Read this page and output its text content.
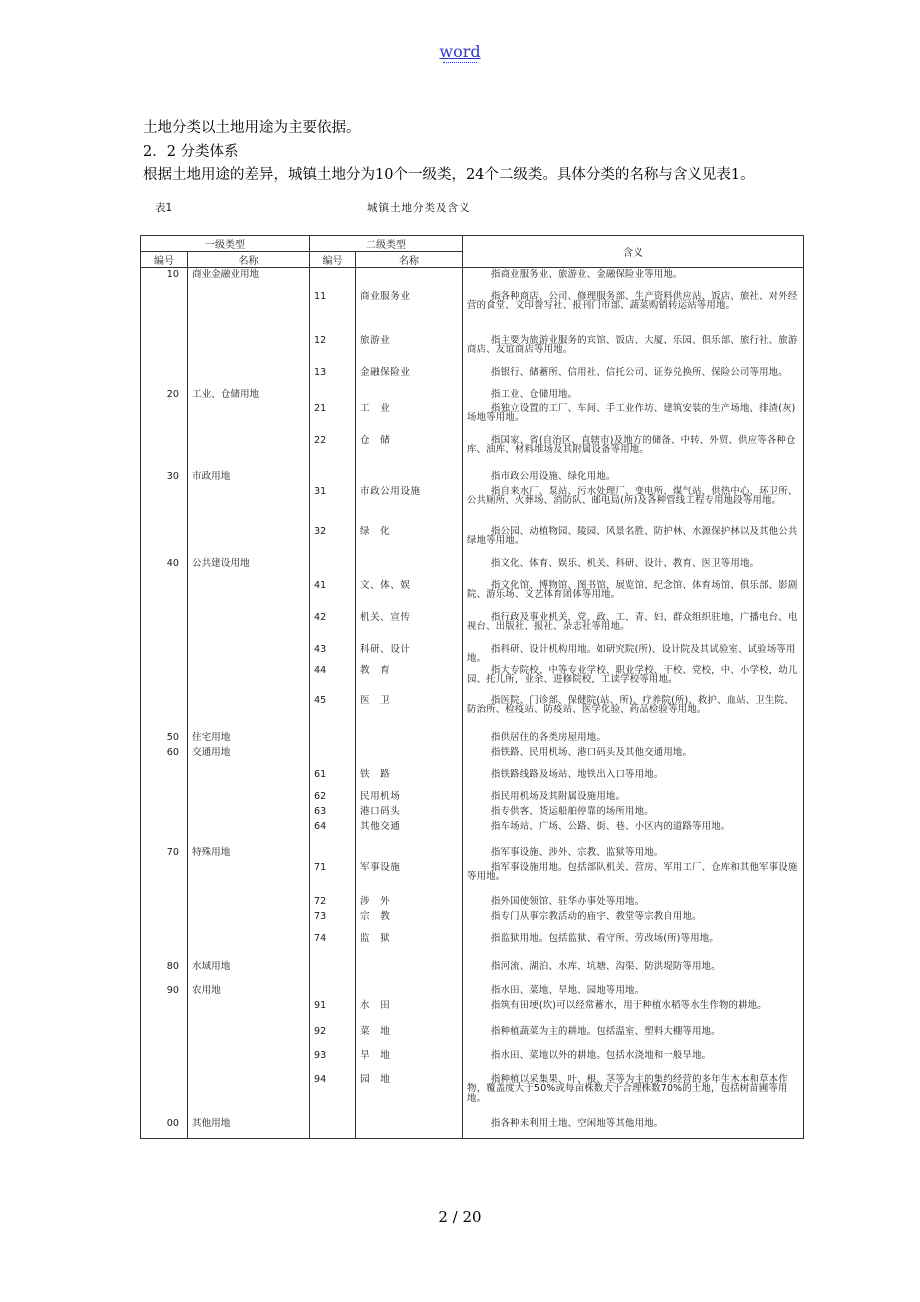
word
土地分类以土地用途为主要依据。
2．2 分类体系
根据土地用途的差异，城镇土地分为10个一级类，24个二级类。具体分类的名称与含义见表1。
表1	城镇土地分类及含义
一级类型		二级类型		含义
编号	名称	编号	名称	
10	商业金融业用地			指商业服务业、旅游业、金融保险业等用地。
		11	商业服务业	指各种商店、公司、修理服务部、生产资料供应站、饭店、旅社、对外经营的食堂、文印誊写社、报刊门市部、蔬菜购销转运站等用地。
		12	旅游业	指主要为旅游业服务的宾馆、饭店、大厦、乐园、俱乐部、旅行社、旅游商店、友谊商店等用地。
		13	金融保险业	指银行、储蓄所、信用社、信托公司、证券兑换所、保险公司等用地。
20	工业、仓储用地			指工业、仓储用地。
		21	工　业	指独立设置的工厂、车间、手工业作坊、建筑安装的生产场地、排渣(灰)场地等用地。
		22	仓　储	指国家、省(自治区、直辖市)及地方的储备、中转、外贸、供应等各种仓库、油库、材料堆场及其附属设备等用地。
30	市政用地			指市政公用设施、绿化用地。
		31	市政公用设施	指自来水厂、泵站、污水处理厂、变电所、煤气站、供热中心、环卫所、公共厕所、火葬场、消防队、邮电局(所)及各种管线工程专用地段等用地。
		32	绿　化	指公园、动植物园、陵园、风景名胜、防护林、水源保护林以及其他公共绿地等用地。
40	公共建设用地			指文化、体育、娱乐、机关、科研、设计、教育、医卫等用地。
		41	文、体、娱	指文化馆、博物馆、图书馆、展览馆、纪念馆、体育场馆、俱乐部、影剧院、游乐场、文艺体育团体等用地。
		42	机关、宣传	指行政及事业机关，党、政、工、青、妇、群众组织驻地，广播电台、电视台、出版社、报社、杂志社等用地。
		43	科研、设计	指科研、设计机构用地。如研究院(所)、设计院及其试验室、试验场等用地。
		44	教　育	指大专院校、中等专业学校、职业学校、干校、党校，中、小学校，幼儿园、托儿所，业余、进修院校，工读学校等用地。
		45	医　卫	指医院、门诊部、保健院(站、所)、疗养院(所)、救护、血站、卫生院、防治所、检疫站、防疫站、医学化验、药品检验等用地。
50	住宅用地			指供居住的各类房屋用地。
60	交通用地			指铁路、民用机场、港口码头及其他交通用地。
		61	铁　路	指铁路线路及场站、地铁出入口等用地。
		62	民用机场	指民用机场及其附属设施用地。
		63	港口码头	指专供客、货运船舶停靠的场所用地。
		64	其他交通	指车场站、广场、公路、街、巷、小区内的道路等用地。
70	特殊用地			指军事设施、涉外、宗教、监狱等用地。
		71	军事设施	指军事设施用地。包括部队机关、营房、军用工厂、仓库和其他军事设施等用地。
		72	涉　外	指外国使领馆、驻华办事处等用地。
		73	宗　教	指专门从事宗教活动的庙宇、教堂等宗教自用地。
		74	监　狱	指监狱用地。包括监狱、看守所、劳改场(所)等用地。
80	水域用地			指河流、湖泊、水库、坑塘、沟渠、防洪堤防等用地。
90	农用地			指水田、菜地、旱地、园地等用地。
		91	水　田	指筑有田埂(坎)可以经常蓄水，用于种植水稻等水生作物的耕地。
		92	菜　地	指种植蔬菜为主的耕地。包括温室、塑料大棚等用地。
		93	旱　地	指水田、菜地以外的耕地。包括水浇地和一般旱地。
		94	园　地	指种植以采集果、叶、根、茎等为主的集约经营的多年生木本和草本作物，覆盖度大于50%或每亩株数大于合理株数70%的土地，包括树苗圃等用地。
00	其他用地			指各种未利用土地、空闲地等其他用地。
2 / 20
